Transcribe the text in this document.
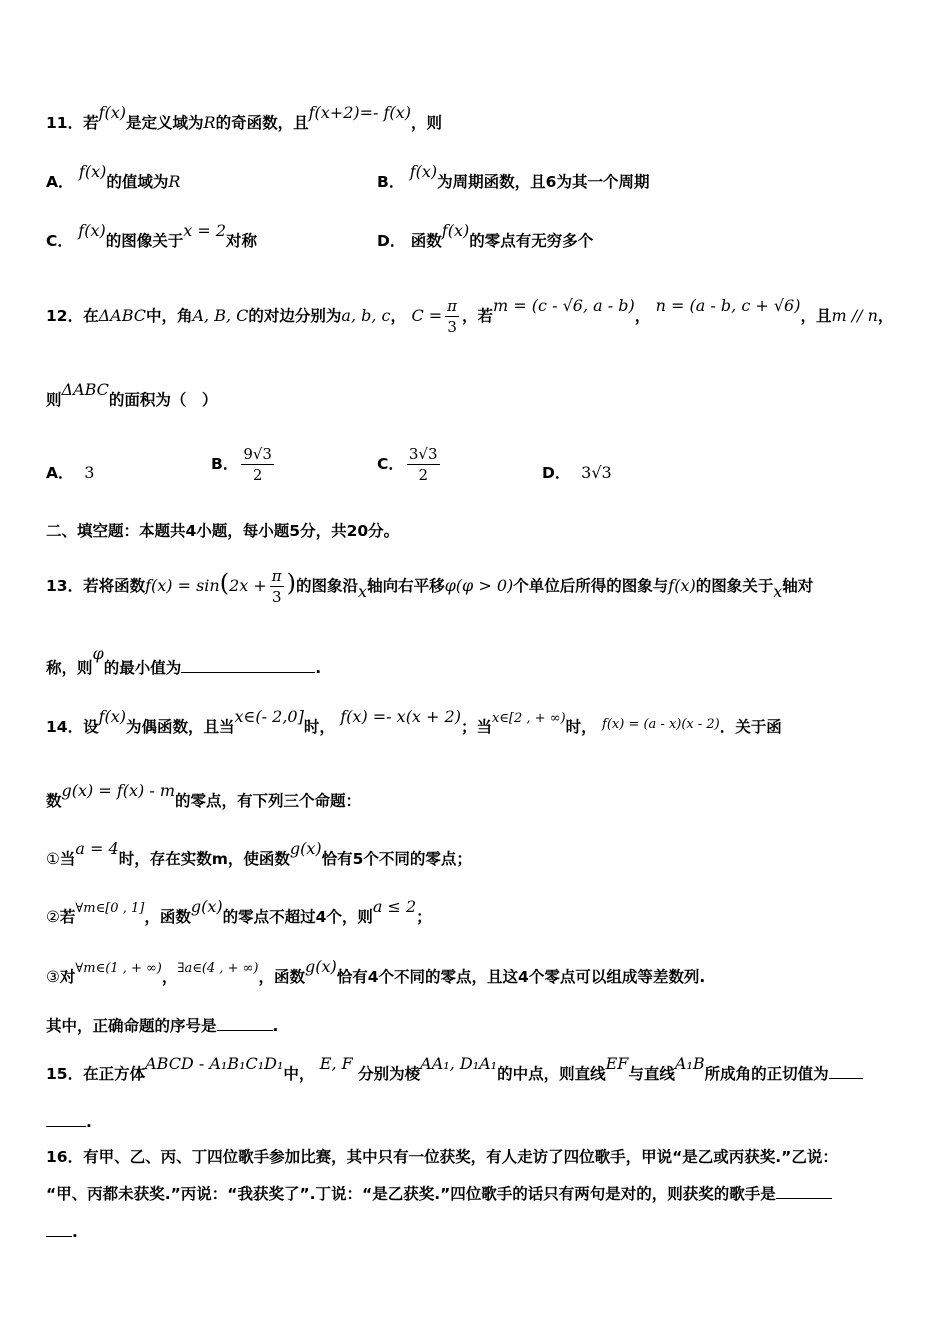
11．若f(x)是定义域为R的奇函数，且f(x+2)=- f(x)，则
A． f(x)的值域为R	B． f(x)为周期函数，且6为其一个周期
C． f(x)的图像关于x = 2对称	D． 函数f(x)的零点有无穷多个
12．在ΔABC中，角A, B, C的对边分别为a, b, c， $C = \frac{\pi}{3}$ ，若m = (c - √6, a - b)， n = (a - b, c + √6)，且m // n，
则ΔABC的面积为（　）
A． 3	B． $\frac{9√3}{2}$	C． $\frac{3√3}{2}$	D． 3√3
二、填空题：本题共4小题，每小题5分，共20分。
13．若将函数$f(x) = \sin(2x + \frac{\pi}{3}$ )的图象沿x轴向右平移φ(φ > 0)个单位后所得的图象与f(x)的图象关于x轴对
称，则φ的最小值为	.
14．设f(x)为偶函数，且当x∈(- 2,0]时， f(x) =- x(x + 2)；当$^{x\in[2 , + \infty)}$时， $^{f(x) = (a - x)(x - 2)}$．关于函
数g(x) = f(x) - m的零点，有下列三个命题：
①当a = 4时，存在实数m，使函数g(x)恰有5个不同的零点；
②若$^{\forall m\in[0 , 1]}$，函数g(x)的零点不超过4个，则a ≤ 2；
③对$^{\forall m\in(1 , + \infty)}$，$^{\exists a\in(4 , + \infty)}$，函数g(x)恰有4个不同的零点，且这4个零点可以组成等差数列.
其中，正确命题的序号是	.
15．在正方体ABCD - A₁B₁C₁D₁中， E, F 分别为棱AA₁, D₁A₁的中点，则直线EF与直线A₁B所成角的正切值为
.
16．有甲、乙、丙、丁四位歌手参加比赛，其中只有一位获奖，有人走访了四位歌手，甲说“是乙或丙获奖.”乙说：
“甲、丙都未获奖.”丙说：“我获奖了”.丁说：“是乙获奖.”四位歌手的话只有两句是对的，则获奖的歌手是
.
